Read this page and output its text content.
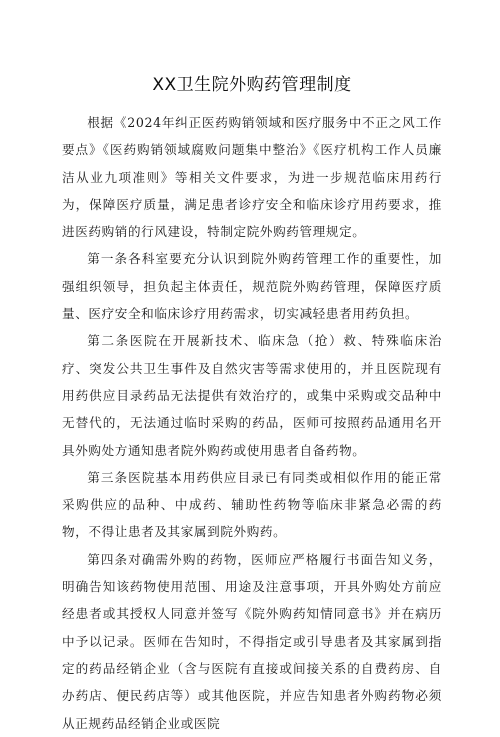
XX卫生院外购药管理制度

根据《2024年纠正医药购销领域和医疗服务中不正之风工作要点》《医药购销领域腐败问题集中整治》《医疗机构工作人员廉洁从业九项准则》等相关文件要求，为进一步规范临床用药行为，保障医疗质量，满足患者诊疗安全和临床诊疗用药要求，推进医药购销的行风建设，特制定院外购药管理规定。

第一条各科室要充分认识到院外购药管理工作的重要性，加强组织领导，担负起主体责任，规范院外购药管理，保障医疗质量、医疗安全和临床诊疗用药需求，切实减轻患者用药负担。

第二条医院在开展新技术、临床急（抢）救、特殊临床治疗、突发公共卫生事件及自然灾害等需求使用的，并且医院现有用药供应目录药品无法提供有效治疗的，或集中采购或交品种中无替代的，无法通过临时采购的药品，医师可按照药品通用名开具外购处方通知患者院外购药或使用患者自备药物。

第三条医院基本用药供应目录已有同类或相似作用的能正常采购供应的品种、中成药、辅助性药物等临床非紧急必需的药物，不得让患者及其家属到院外购药。

第四条对确需外购的药物，医师应严格履行书面告知义务，明确告知该药物使用范围、用途及注意事项，开具外购处方前应经患者或其授权人同意并签写《院外购药知情同意书》并在病历中予以记录。医师在告知时，不得指定或引导患者及其家属到指定的药品经销企业（含与医院有直接或间接关系的自费药房、自办药店、便民药店等）或其他医院，并应告知患者外购药物必须从正规药品经销企业或医院
